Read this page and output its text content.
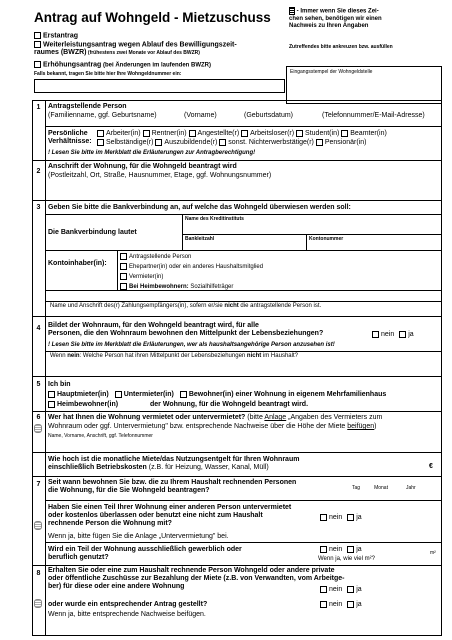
Antrag auf Wohngeld - Mietzuschuss
Erstantrag
Weiterleistungsantrag wegen Ablauf des Bewilligungszeit-
raumes (BWZR) (frühestens zwei Monate vor Ablauf des BWZR)
Erhöhungsantrag (bei Änderungen im laufenden BWZR)
Falls bekannt, tragen Sie bitte hier Ihre Wohngeldnummer ein:
- Immer wenn Sie dieses Zei-
chen sehen, benötigen wir einen
Nachweis zu Ihren Angaben
Zutreffendes bitte ankreuzen bzw. ausfüllen
Eingangsstempel der Wohngeldstelle
1	Antragstellende Person
(Familienname, ggf. Geburtsname)	(Vorname)	(Geburtsdatum)	(Telefonnummer/E-Mail-Adresse)
Persönliche
Verhältnisse:
Arbeiter(in) Rentner(in) Angestellte(r) Arbeitsloser(r) Student(in) Beamter(in)
Selbständige(r) Auszubildende(r) sonst. Nichterwerbstätige(r) Pensionär(in)
! Lesen Sie bitte im Merkblatt die Erläuterungen zur Antragberechtigung!
2
Anschrift der Wohnung, für die Wohngeld beantragt wird
(Postleitzahl, Ort, Straße, Hausnummer, Etage, ggf. Wohnungsnummer)
3	Geben Sie bitte die Bankverbindung an, auf welche das Wohngeld überwiesen werden soll:
Name des Kreditinstituts
Die Bankverbindung lautet
Bankleitzahl	Kontonummer
Kontoinhaber(in):
Antragstellende Person
Ehepartner(in) oder ein anderes Haushaltsmitglied
Vermieter(in)
Bei Heimbewohnern: Sozialhilfeträger
Name und Anschrift des(r) Zahlungsempfängers(in), sofern er/sie nicht die antragstellende Person ist.
4	Bildet der Wohnraum, für den Wohngeld beantragt wird, für alle
Personen, die den Wohnraum bewohnen den Mittelpunkt der Lebensbeziehungen?	nein ja
! Lesen Sie bitte im Merkblatt die Erläuterungen, wer als haushaltsangehörige Person anzusehen ist!
Wenn nein: Welche Person hat ihren Mittelpunkt der Lebensbeziehungen nicht im Haushalt?
5	Ich bin
Hauptmieter(in) Untermieter(in) Bewohner(in) einer Wohnung in eigenem Mehrfamilienhaus
Heimbewohner(in)	der Wohnung, für die Wohngeld beantragt wird.
6	Wer hat Ihnen die Wohnung vermietet oder untervermietet? (bitte Anlage „Angaben des Vermieters zum
Wohnraum oder ggf. Untervermietung" bzw. entsprechende Nachweise über die Höhe der Miete beifügen)
Name, Vorname, Anschrift, ggf. Telefonnummer
Wie hoch ist die monatliche Miete/das Nutzungsentgelt für Ihren Wohnraum
einschließlich Betriebskosten (z.B. für Heizung, Wasser, Kanal, Müll)	€
7	Seit wann bewohnen Sie bzw. die zu Ihrem Haushalt rechnenden Personen
die Wohnung, für die Sie Wohngeld beantragen?	Tag	Monat	Jahr
Haben Sie einen Teil Ihrer Wohnung einer anderen Person untervermietet
oder kostenlos überlassen oder benutzt eine nicht zum Haushalt
rechnende Person die Wohnung mit?
nein ja
Wenn ja, bitte fügen Sie die Anlage „Untervermietung" bei.
Wird ein Teil der Wohnung ausschließlich gewerblich oder
beruflich genutzt?
nein ja
Wenn ja, wie viel m²?
m²
8	Erhalten Sie oder eine zum Haushalt rechnende Person Wohngeld oder andere private
oder öffentliche Zuschüsse zur Bezahlung der Miete (z.B. von Verwandten, vom Arbeitge-
ber) für diese oder eine andere Wohnung	nein ja
oder wurde ein entsprechender Antrag gestellt?	nein ja
Wenn ja, bitte entsprechende Nachweise beifügen.
